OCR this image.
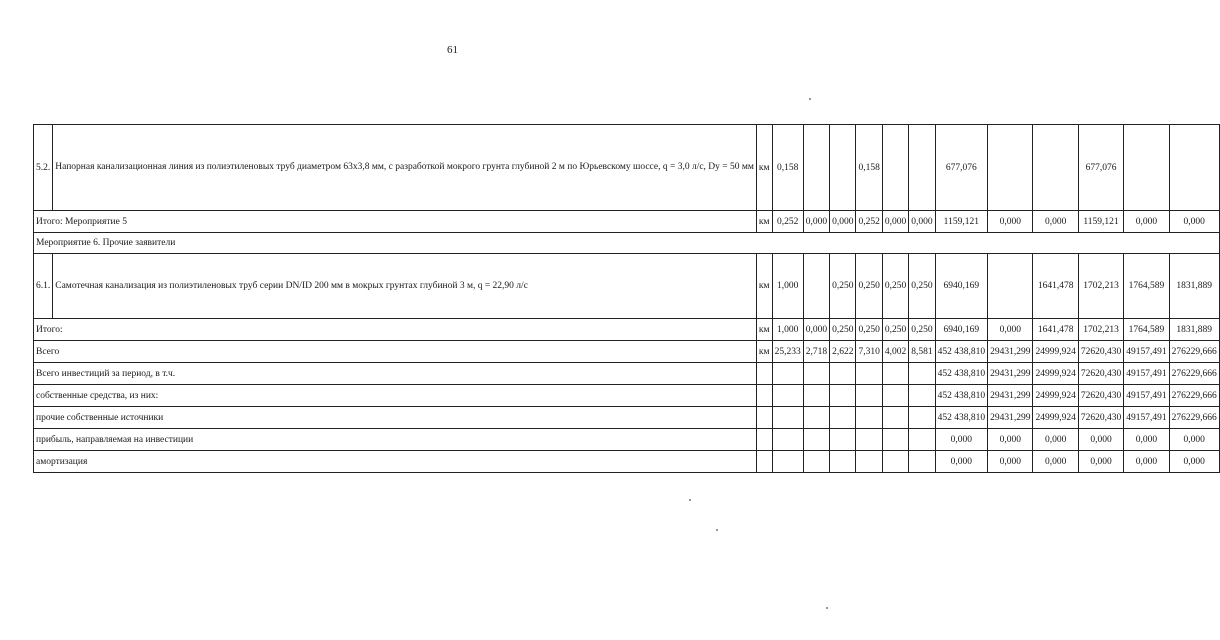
61
5.2.	Напорная канализационная линия из полиэтиленовых труб диаметром 63х3,8 мм, с разработкой мокрого грунта глубиной 2 м по Юрьевскому шоссе, q = 3,0 л/с, Dy = 50 мм	км	0,158			0,158			677,076			677,076		
Итого: Мероприятие 5		км	0,252	0,000	0,000	0,252	0,000	0,000	1159,121	0,000	0,000	1159,121	0,000	0,000
Мероприятие 6. Прочие заявители														
6.1.	Самотечная канализация из полиэтиленовых труб серии DN/ID 200 мм в мокрых грунтах глубиной 3 м, q = 22,90 л/с	км	1,000		0,250	0,250	0,250	0,250	6940,169		1641,478	1702,213	1764,589	1831,889
Итого:		км	1,000	0,000	0,250	0,250	0,250	0,250	6940,169	0,000	1641,478	1702,213	1764,589	1831,889
Всего		км	25,233	2,718	2,622	7,310	4,002	8,581	452 438,810	29431,299	24999,924	72620,430	49157,491	276229,666
Всего инвестиций за период, в т.ч.									452 438,810	29431,299	24999,924	72620,430	49157,491	276229,666
собственные средства, из них:									452 438,810	29431,299	24999,924	72620,430	49157,491	276229,666
прочие собственные источники									452 438,810	29431,299	24999,924	72620,430	49157,491	276229,666
прибыль, направляемая на инвестиции									0,000	0,000	0,000	0,000	0,000	0,000
амортизация									0,000	0,000	0,000	0,000	0,000	0,000
